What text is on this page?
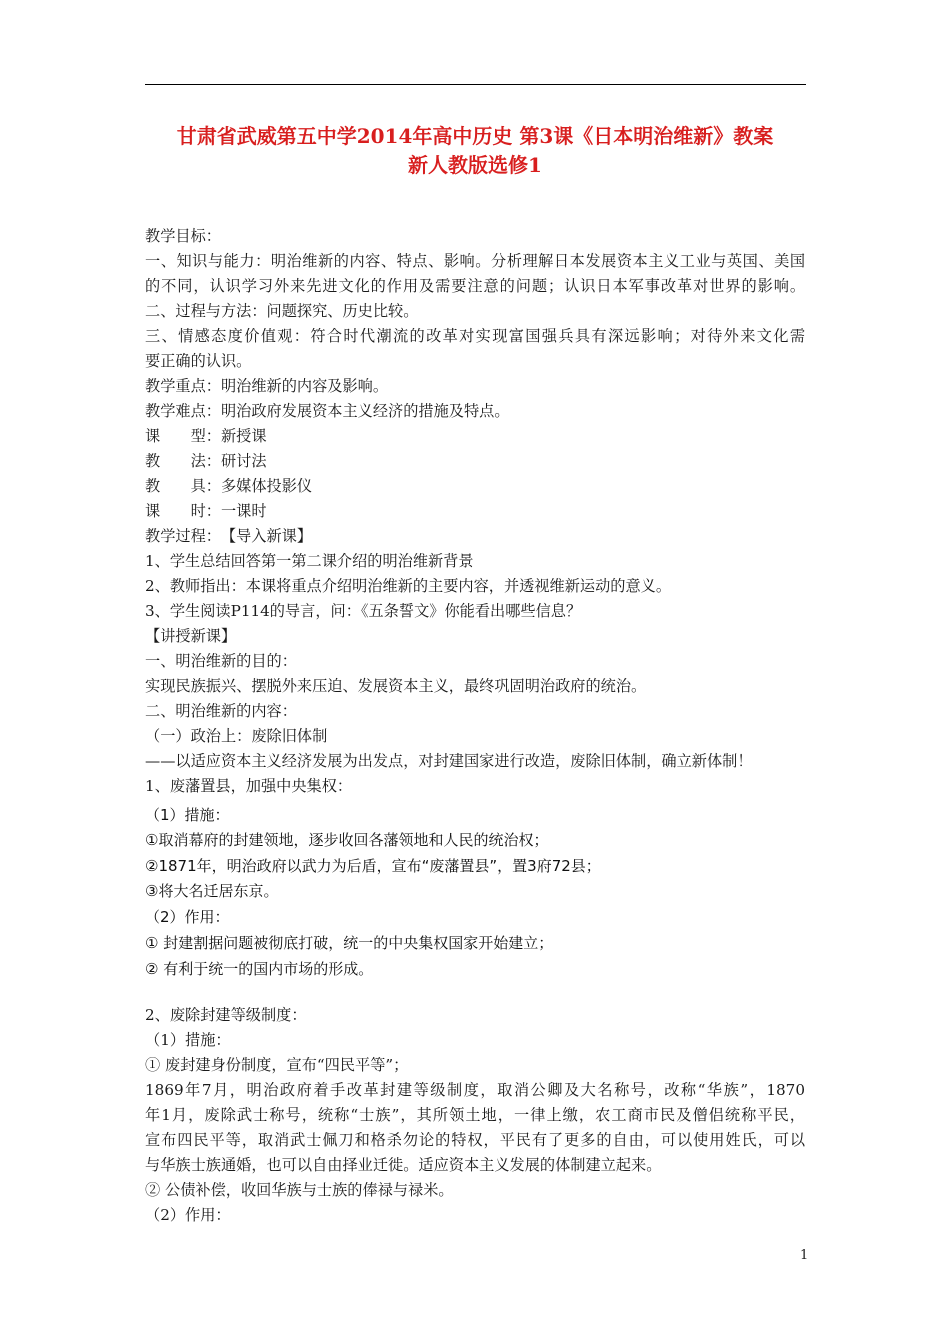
甘肃省武威第五中学2014年高中历史 第3课《日本明治维新》教案
新人教版选修1
教学目标：
一、知识与能力：明治维新的内容、特点、影响。分析理解日本发展资本主义工业与英国、美国
的不同，认识学习外来先进文化的作用及需要注意的问题；认识日本军事改革对世界的影响。
二、过程与方法：问题探究、历史比较。
三、情感态度价值观：符合时代潮流的改革对实现富国强兵具有深远影响；对待外来文化需
要正确的认识。
教学重点：明治维新的内容及影响。
教学难点：明治政府发展资本主义经济的措施及特点。
课　　型：新授课
教　　法：研讨法
教　　具：多媒体投影仪
课　　时：一课时
教学过程：　【导入新课】
1、学生总结回答第一第二课介绍的明治维新背景
2、教师指出：本课将重点介绍明治维新的主要内容，并透视维新运动的意义。
3、学生阅读P114的导言，问：《五条誓文》你能看出哪些信息？
【讲授新课】
一、明治维新的目的：
实现民族振兴、摆脱外来压迫、发展资本主义，最终巩固明治政府的统治。
二、明治维新的内容：
（一）政治上：废除旧体制
——以适应资本主义经济发展为出发点，对封建国家进行改造，废除旧体制，确立新体制！
1、废藩置县，加强中央集权：
（1）措施：
①取消幕府的封建领地，逐步收回各藩领地和人民的统治权；
②1871年，明治政府以武力为后盾，宣布“废藩置县”，置3府72县；
③将大名迁居东京。
（2）作用：
① 封建割据问题被彻底打破，统一的中央集权国家开始建立；
② 有利于统一的国内市场的形成。
2、废除封建等级制度：
（1）措施：
① 废封建身份制度，宣布“四民平等”；
1869年7月，明治政府着手改革封建等级制度，取消公卿及大名称号，改称“华族”，1870
年1月，废除武士称号，统称“士族”，其所领土地，一律上缴，农工商市民及僧侣统称平民，
宣布四民平等，取消武士佩刀和格杀勿论的特权，平民有了更多的自由，可以使用姓氏，可以
与华族士族通婚，也可以自由择业迁徙。适应资本主义发展的体制建立起来。
② 公债补偿，收回华族与士族的俸禄与禄米。
（2）作用：
1
